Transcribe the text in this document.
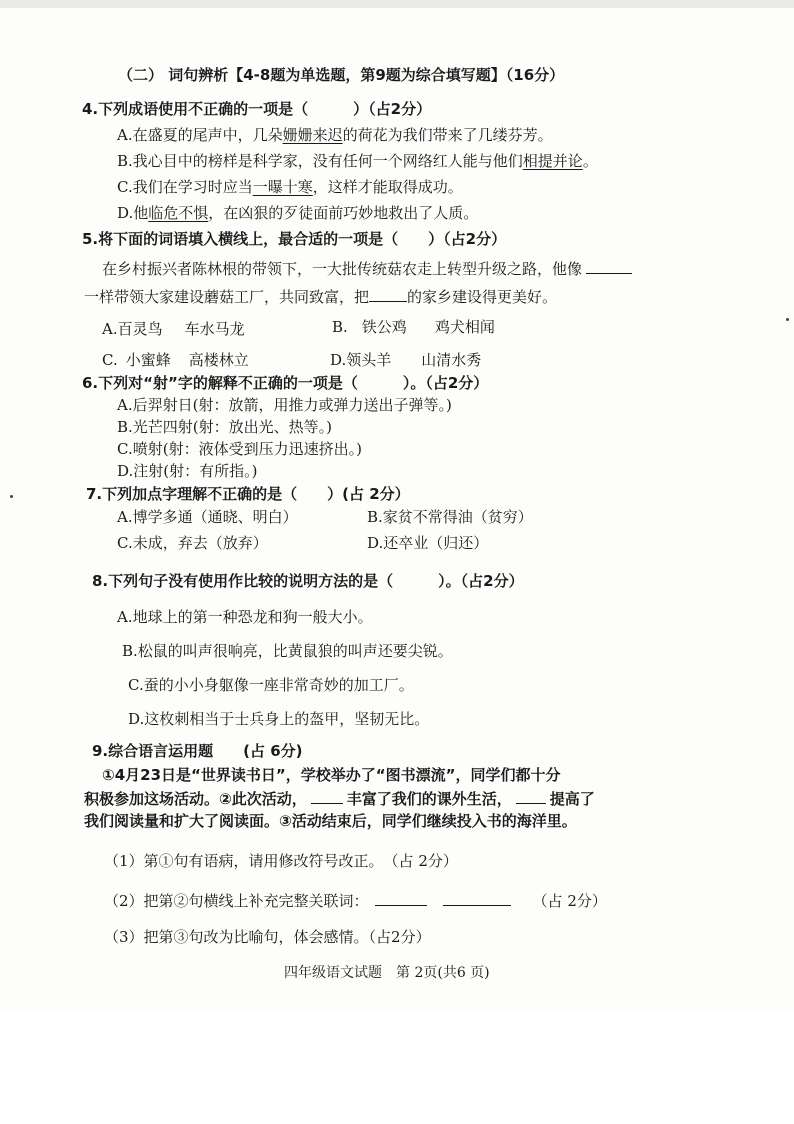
（二） 词句辨析【4-8题为单选题，第9题为综合填写题】（16分）
4.下列成语使用不正确的一项是（　　　）（占2分）
A.在盛夏的尾声中，几朵姗姗来迟的荷花为我们带来了几缕芬芳。
B.我心目中的榜样是科学家，没有任何一个网络红人能与他们相提并论。
C.我们在学习时应当一曝十寒，这样才能取得成功。
D.他临危不惧，在凶狠的歹徒面前巧妙地救出了人质。
5.将下面的词语填入横线上，最合适的一项是（　　）（占2分）
在乡村振兴者陈林根的带领下，一大批传统菇农走上转型升级之路，他像
一样带领大家建设蘑菇工厂，共同致富，把	的家乡建设得更美好。
A.百灵鸟 车水马龙	B. 铁公鸡 鸡犬相闻
C. 小蜜蜂 高楼林立	D.领头羊 山清水秀
6.下列对“射”字的解释不正确的一项是（　　　）。（占2分）
A.后羿射日(射：放箭，用推力或弹力送出子弹等。)
B.光芒四射(射：放出光、热等。)
C.喷射(射：液体受到压力迅速挤出。)
D.注射(射：有所指。)
7.下列加点字理解不正确的是（　　）(占 2分）
A.博学多通（通晓、明白）	B.家贫不常得油（贫穷）
C.未成，弃去（放弃）	D.还卒业（归还）
8.下列句子没有使用作比较的说明方法的是（　　　）。（占2分）
A.地球上的第一种恐龙和狗一般大小。
B.松鼠的叫声很响亮，比黄鼠狼的叫声还要尖锐。
C.蚕的小小身躯像一座非常奇妙的加工厂。
D.这枚刺相当于士兵身上的盔甲，坚韧无比。
9.综合语言运用题　　(占 6分)
①4月23日是“世界读书日”，学校举办了“图书漂流”，同学们都十分
积极参加这场活动。②此次活动，	丰富了我们的课外生活，	提高了
我们阅读量和扩大了阅读面。③活动结束后，同学们继续投入书的海洋里。
（1）第①句有语病，请用修改符号改正。　（占 2分）
（2）把第②句横线上补充完整关联词：	（占 2分）
（3）把第③句改为比喻句，体会感情。（占2分）
四年级语文试题　第 2页(共6 页)
